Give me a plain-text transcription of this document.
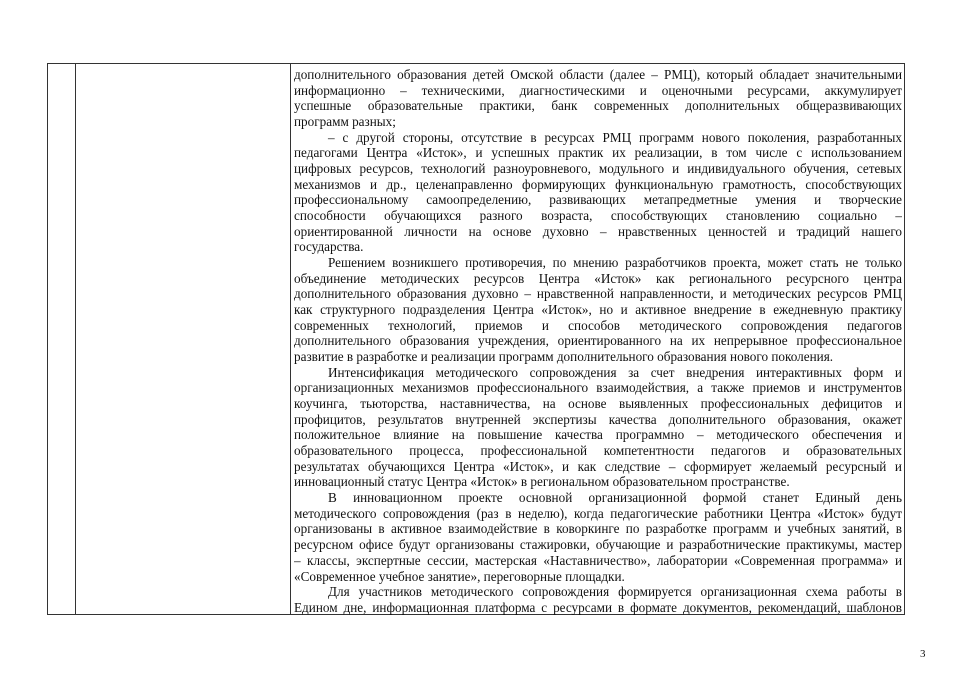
дополнительного образования детей Омской области (далее – РМЦ), который обладает значительными
информационно – техническими, диагностическими и оценочными ресурсами, аккумулирует
успешные образовательные практики, банк современных дополнительных общеразвивающих
программ разных;
– с другой стороны, отсутствие в ресурсах РМЦ программ нового поколения, разработанных
педагогами Центра «Исток», и успешных практик их реализации, в том числе с использованием
цифровых ресурсов, технологий разноуровневого, модульного и индивидуального обучения, сетевых
механизмов и др., целенаправленно формирующих функциональную грамотность, способствующих
профессиональному самоопределению, развивающих метапредметные умения и творческие
способности обучающихся разного возраста, способствующих становлению социально –
ориентированной личности на основе духовно – нравственных ценностей и традиций нашего
государства.
Решением возникшего противоречия, по мнению разработчиков проекта, может стать не только
объединение методических ресурсов Центра «Исток» как регионального ресурсного центра
дополнительного образования духовно – нравственной направленности, и методических ресурсов РМЦ
как структурного подразделения Центра «Исток», но и активное внедрение в ежедневную практику
современных технологий, приемов и способов методического сопровождения педагогов
дополнительного образования учреждения, ориентированного на их непрерывное профессиональное
развитие в разработке и реализации программ дополнительного образования нового поколения.
Интенсификация методического сопровождения за счет внедрения интерактивных форм и
организационных механизмов профессионального взаимодействия, а также приемов и инструментов
коучинга, тьюторства, наставничества, на основе выявленных профессиональных дефицитов и
профицитов, результатов внутренней экспертизы качества дополнительного образования, окажет
положительное влияние на повышение качества программно – методического обеспечения и
образовательного процесса, профессиональной компетентности педагогов и образовательных
результатах обучающихся Центра «Исток», и как следствие – сформирует желаемый ресурсный и
инновационный статус Центра «Исток» в региональном образовательном пространстве.
В инновационном проекте основной организационной формой станет Единый день
методического сопровождения (раз в неделю), когда педагогические работники Центра «Исток» будут
организованы в активное взаимодействие в коворкинге по разработке программ и учебных занятий, в
ресурсном офисе будут организованы стажировки, обучающие и разработнические практикумы, мастер
– классы, экспертные сессии, мастерская «Наставничество», лаборатории «Современная программа» и
«Современное учебное занятие», переговорные площадки.
Для участников методического сопровождения формируется организационная схема работы в
Едином дне, информационная платформа с ресурсами в формате документов, рекомендаций, шаблонов
3
